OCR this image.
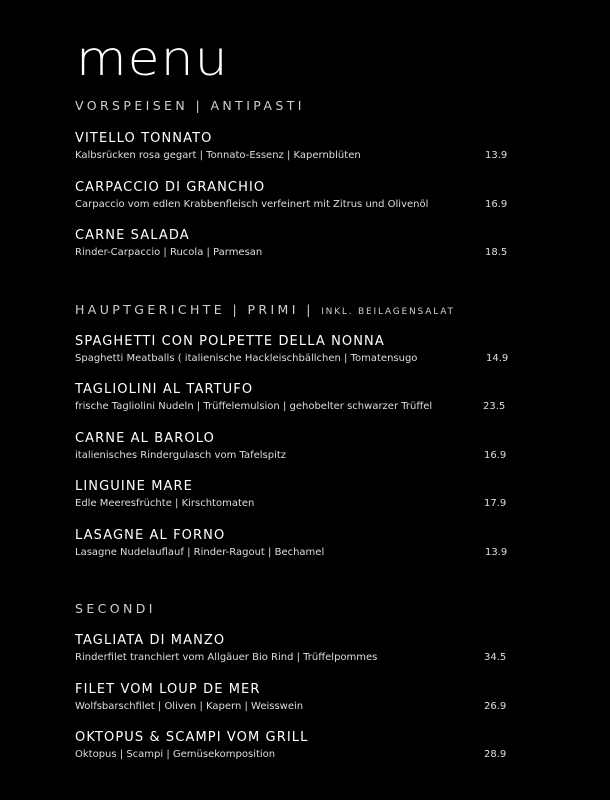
menu
VORSPEISEN | ANTIPASTI
VITELLO TONNATO
Kalbsrücken rosa gegart | Tonnato-Essenz | Kapernblüten	13.9
CARPACCIO DI GRANCHIO
Carpaccio vom edlen Krabbenfleisch verfeinert mit Zitrus und Olivenöl	16.9
CARNE SALADA
Rinder-Carpaccio | Rucola | Parmesan	18.5
HAUPTGERICHTE | PRIMI | INKL. BEILAGENSALAT
SPAGHETTI CON POLPETTE DELLA NONNA
Spaghetti Meatballs ( italienische Hackleischbällchen | Tomatensugo	14.9
TAGLIOLINI AL TARTUFO
frische Tagliolini Nudeln | Trüffelemulsion | gehobelter schwarzer Trüffel	23.5
CARNE AL BAROLO
italienisches Rindergulasch vom Tafelspitz	16.9
LINGUINE MARE
Edle Meeresfrüchte | Kirschtomaten	17.9
LASAGNE AL FORNO
Lasagne Nudelauflauf | Rinder-Ragout | Bechamel	13.9
SECONDI
TAGLIATA DI MANZO
Rinderfilet tranchiert vom Allgäuer Bio Rind | Trüffelpommes	34.5
FILET VOM LOUP DE MER
Wolfsbarschfilet | Oliven | Kapern | Weisswein	26.9
OKTOPUS & SCAMPI VOM GRILL
Oktopus | Scampi | Gemüsekomposition	28.9
